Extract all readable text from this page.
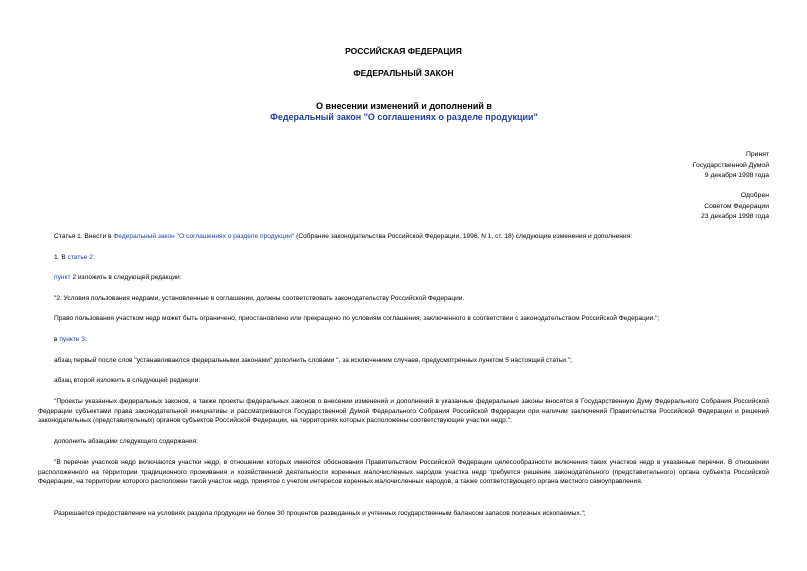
РОССИЙСКАЯ ФЕДЕРАЦИЯ
ФЕДЕРАЛЬНЫЙ ЗАКОН
О внесении изменений и дополнений в
Федеральный закон "О соглашениях о разделе продукции"
Принят
Государственной Думой
9 декабря 1998 года
Одобрен
Советом Федерации
23 декабря 1998 года
Статья 1. Внести в Федеральный закон "О соглашениях о разделе продукции" (Собрание законодательства Российской Федерации, 1996, N 1, ст. 18) следующие изменения и дополнения:
1. В статье 2:
пункт 2 изложить в следующей редакции:
"2. Условия пользования недрами, установленные в соглашении, должны соответствовать законодательству Российской Федерации.
Право пользования участком недр может быть ограничено, приостановлено или прекращено по условиям соглашения, заключенного в соответствии с законодательством Российской Федерации.";
в пункте 3:
абзац первый после слов "устанавливаются федеральными законами" дополнить словами ", за исключением случаев, предусмотренных пунктом 5 настоящей статьи.";
абзац второй изложить в следующей редакции:
"Проекты указанных федеральных законов, а также проекты федеральных законов о внесении изменений и дополнений в указанные федеральные законы вносятся в Государственную Думу Федерального Собрания Российской Федерации субъектами права законодательной инициативы и рассматриваются Государственной Думой Федерального Собрания Российской Федерации при наличии заключений Правительства Российской Федерации и решений законодательных (представительных) органов субъектов Российской Федерации, на территориях которых расположены соответствующие участки недр.";
дополнить абзацами следующего содержания:
"В перечни участков недр включаются участки недр, в отношении которых имеются обоснования Правительством Российской Федерации целесообразности включения таких участков недр в указанные перечни. В отношении расположенного на территории традиционного проживания и хозяйственной деятельности коренных малочисленных народов участка недр требуется решение законодательного (представительного) органа субъекта Российской Федерации, на территории которого расположен такой участок недр, принятое с учетом интересов коренных малочисленных народов, а также соответствующего органа местного самоуправления.
Разрешается предоставление на условиях раздела продукции не более 30 процентов разведанных и учтенных государственным балансом запасов полезных ископаемых.";
